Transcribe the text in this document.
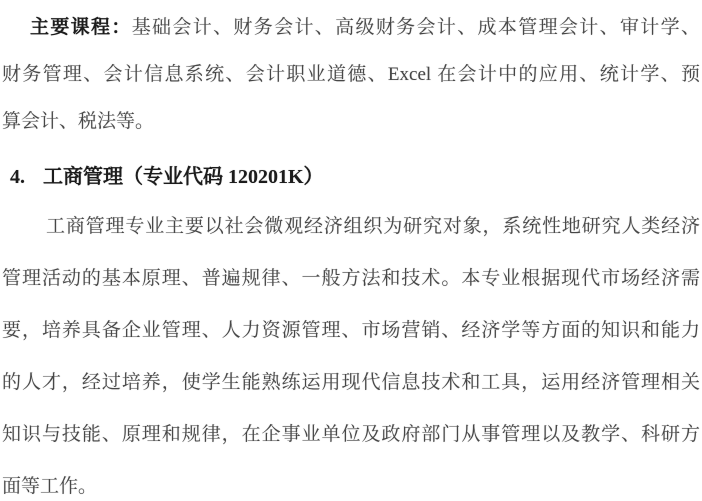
主要课程：基础会计、财务会计、高级财务会计、成本管理会计、审计学、
财务管理、会计信息系统、会计职业道德、Excel 在会计中的应用、统计学、预
算会计、税法等。
4. 工商管理（专业代码 120201K）
工商管理专业主要以社会微观经济组织为研究对象，系统性地研究人类经济
管理活动的基本原理、普遍规律、一般方法和技术。本专业根据现代市场经济需
要，培养具备企业管理、人力资源管理、市场营销、经济学等方面的知识和能力
的人才，经过培养，使学生能熟练运用现代信息技术和工具，运用经济管理相关
知识与技能、原理和规律，在企事业单位及政府部门从事管理以及教学、科研方
面等工作。
